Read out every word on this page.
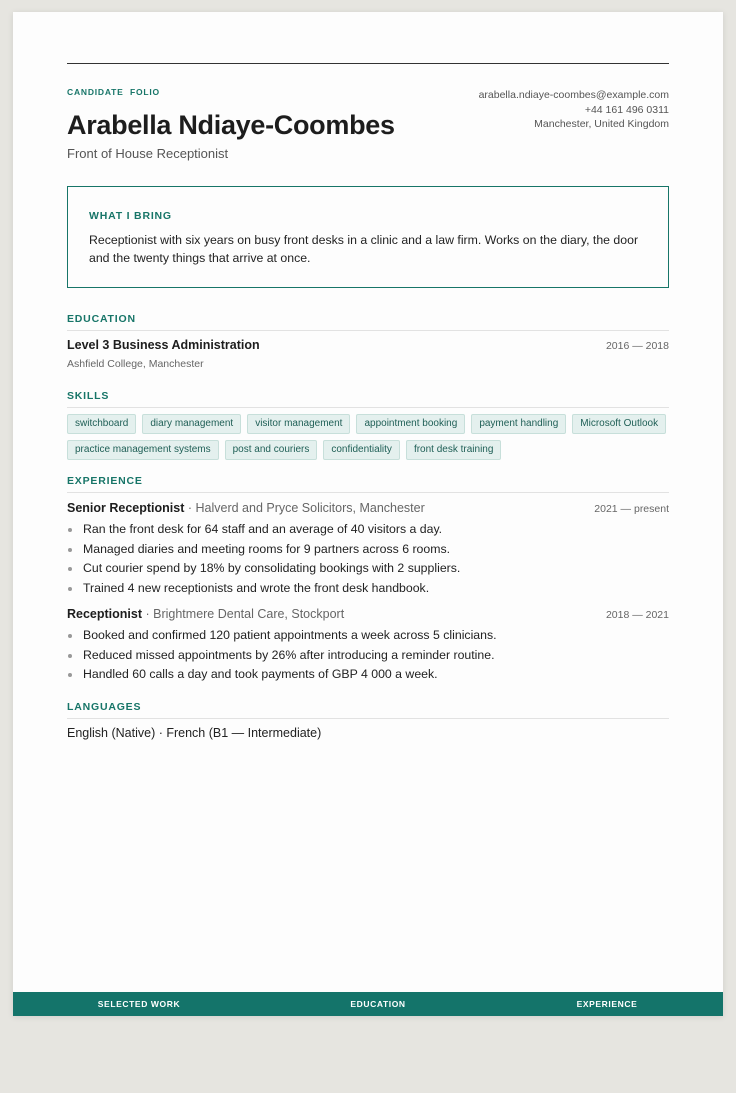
CANDIDATE  FOLIO
Arabella Ndiaye-Coombes
Front of House Receptionist
arabella.ndiaye-coombes@example.com
+44 161 496 0311
Manchester, United Kingdom
WHAT I BRING
Receptionist with six years on busy front desks in a clinic and a law firm. Works on the diary, the door and the twenty things that arrive at once.
EDUCATION
Level 3 Business Administration	2016 — 2018
Ashfield College, Manchester
SKILLS
switchboard	diary management	visitor management	appointment booking	payment handling	Microsoft Outlook
practice management systems	post and couriers	confidentiality	front desk training
EXPERIENCE
Senior Receptionist · Halverd and Pryce Solicitors, Manchester	2021 — present
Ran the front desk for 64 staff and an average of 40 visitors a day.
Managed diaries and meeting rooms for 9 partners across 6 rooms.
Cut courier spend by 18% by consolidating bookings with 2 suppliers.
Trained 4 new receptionists and wrote the front desk handbook.
Receptionist · Brightmere Dental Care, Stockport	2018 — 2021
Booked and confirmed 120 patient appointments a week across 5 clinicians.
Reduced missed appointments by 26% after introducing a reminder routine.
Handled 60 calls a day and took payments of GBP 4 000 a week.
LANGUAGES
English (Native) · French (B1 — Intermediate)
SELECTED WORK	EDUCATION	EXPERIENCE
